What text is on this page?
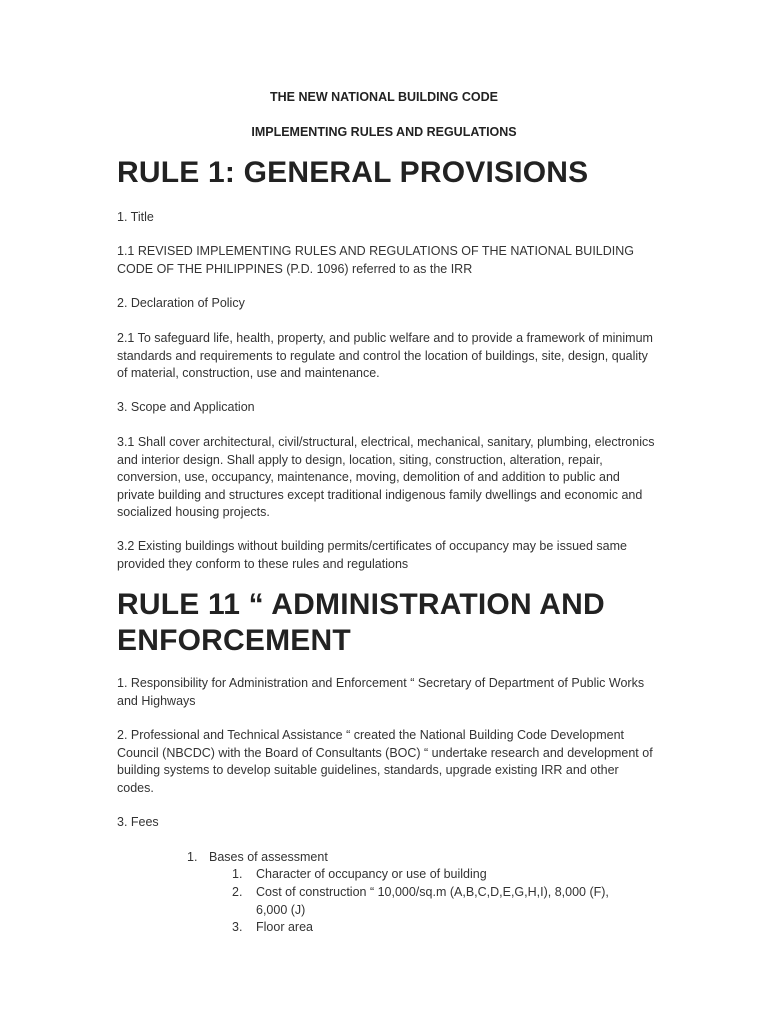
THE NEW NATIONAL BUILDING CODE

IMPLEMENTING RULES AND REGULATIONS

RULE 1: GENERAL PROVISIONS

1. Title

1.1 REVISED IMPLEMENTING RULES AND REGULATIONS OF THE NATIONAL BUILDING CODE OF THE PHILIPPINES (P.D. 1096) referred to as the IRR

2. Declaration of Policy

2.1 To safeguard life, health, property, and public welfare and to provide a framework of minimum standards and requirements to regulate and control the location of buildings, site, design, quality of material, construction, use and maintenance.

3. Scope and Application

3.1 Shall cover architectural, civil/structural, electrical, mechanical, sanitary, plumbing, electronics and interior design. Shall apply to design, location, siting, construction, alteration, repair, conversion, use, occupancy, maintenance, moving, demolition of and addition to public and private building and structures except traditional indigenous family dwellings and economic and socialized housing projects.

3.2 Existing buildings without building permits/certificates of occupancy may be issued same provided they conform to these rules and regulations

RULE 11 “ ADMINISTRATION AND ENFORCEMENT

1. Responsibility for Administration and Enforcement “ Secretary of Department of Public Works and Highways

2. Professional and Technical Assistance “ created the National Building Code Development Council (NBCDC) with the Board of Consultants (BOC) “ undertake research and development of building systems to develop suitable guidelines, standards, upgrade existing IRR and other codes.

3. Fees

1. Bases of assessment
1. Character of occupancy or use of building
2. Cost of construction “ 10,000/sq.m (A,B,C,D,E,G,H,I), 8,000 (F), 6,000 (J)
3. Floor area
